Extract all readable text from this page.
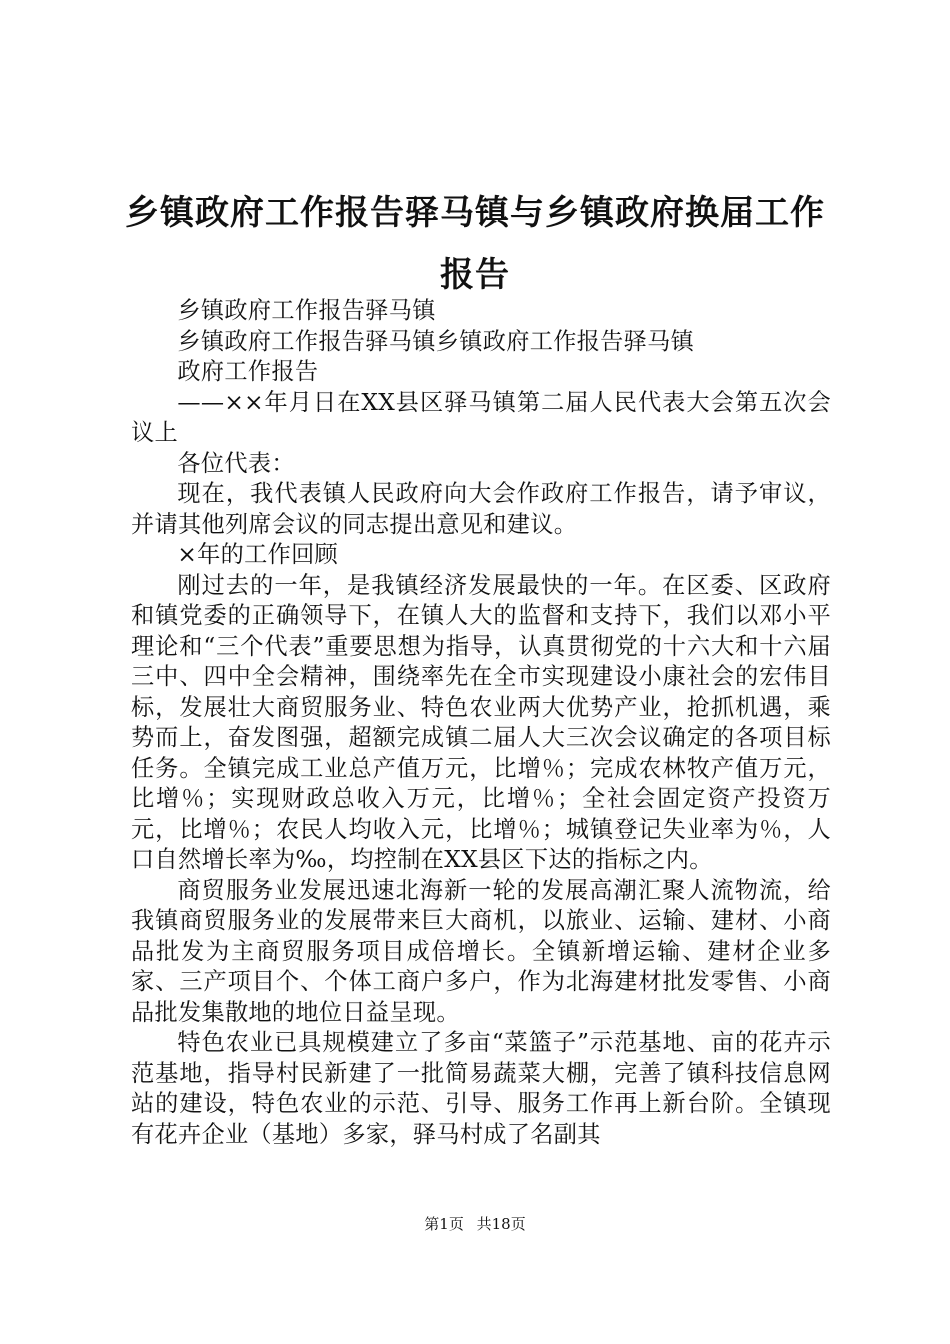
乡镇政府工作报告驿马镇与乡镇政府换届工作报告

乡镇政府工作报告驿马镇

乡镇政府工作报告驿马镇乡镇政府工作报告驿马镇

政府工作报告

——××年月日在XX县区驿马镇第二届人民代表大会第五次会议上

各位代表：

现在，我代表镇人民政府向大会作政府工作报告，请予审议，并请其他列席会议的同志提出意见和建议。

×年的工作回顾

刚过去的一年，是我镇经济发展最快的一年。在区委、区政府和镇党委的正确领导下，在镇人大的监督和支持下，我们以邓小平理论和“三个代表”重要思想为指导，认真贯彻党的十六大和十六届三中、四中全会精神，围绕率先在全市实现建设小康社会的宏伟目标，发展壮大商贸服务业、特色农业两大优势产业，抢抓机遇，乘势而上，奋发图强，超额完成镇二届人大三次会议确定的各项目标任务。全镇完成工业总产值万元，比增％；完成农林牧产值万元，比增％；实现财政总收入万元，比增％；全社会固定资产投资万元，比增％；农民人均收入元，比增％；城镇登记失业率为％，人口自然增长率为‰，均控制在XX县区下达的指标之内。

商贸服务业发展迅速北海新一轮的发展高潮汇聚人流物流，给我镇商贸服务业的发展带来巨大商机，以旅业、运输、建材、小商品批发为主商贸服务项目成倍增长。全镇新增运输、建材企业多家、三产项目个、个体工商户多户，作为北海建材批发零售、小商品批发集散地的地位日益呈现。

特色农业已具规模建立了多亩“菜篮子”示范基地、亩的花卉示范基地，指导村民新建了一批简易蔬菜大棚，完善了镇科技信息网站的建设，特色农业的示范、引导、服务工作再上新台阶。全镇现有花卉企业（基地）多家，驿马村成了名副其

第1页 共18页
